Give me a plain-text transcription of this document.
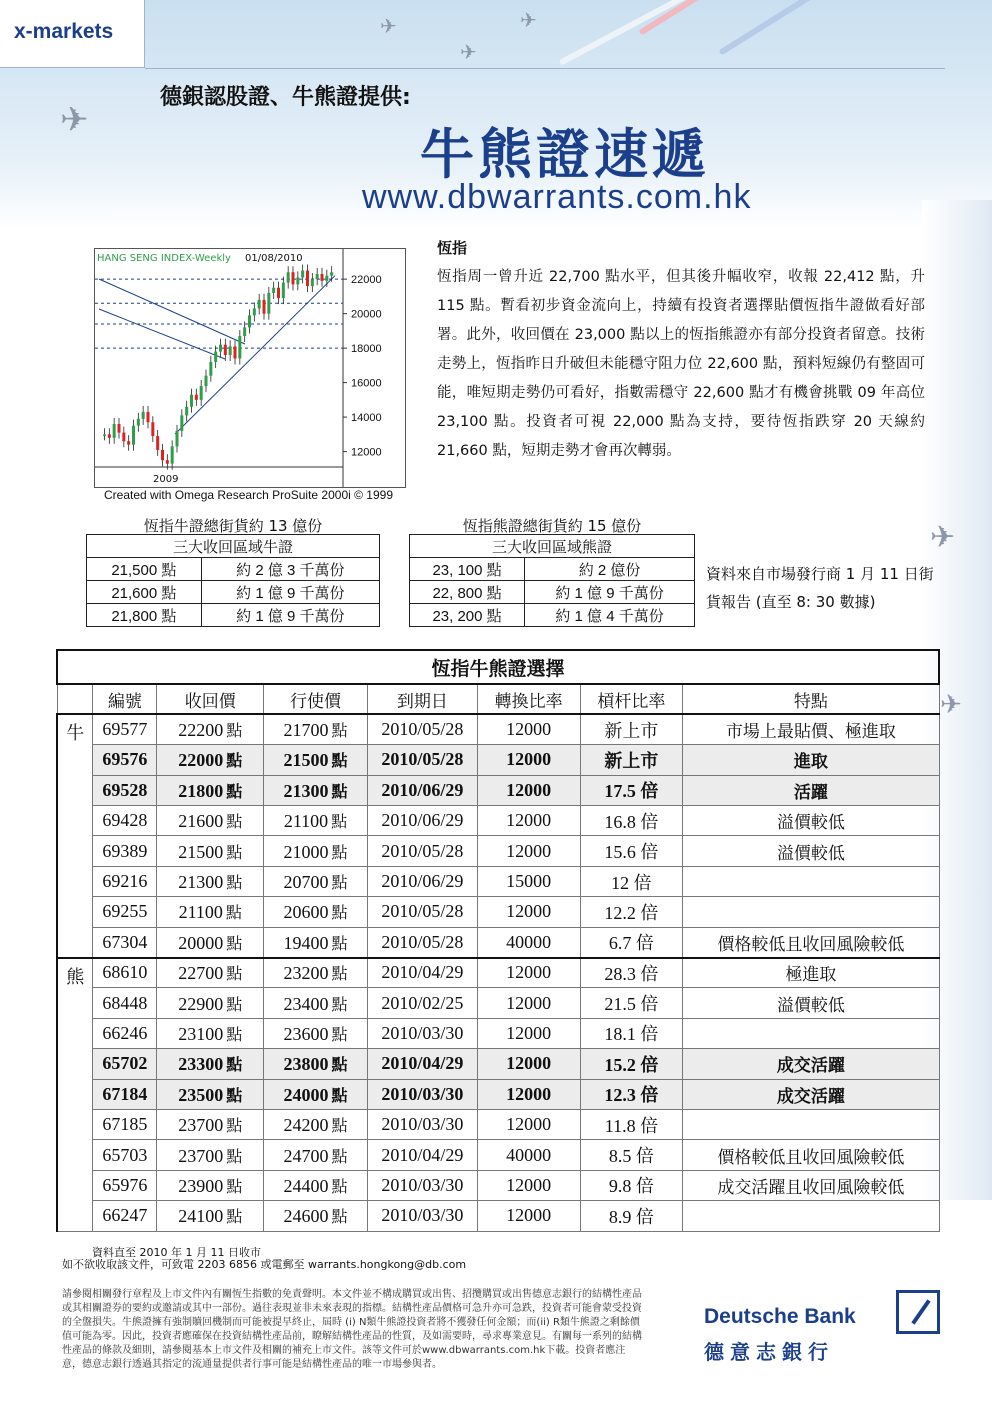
✈
✈
✈
✈
✈
✈
x-markets
德銀認股證、牛熊證提供:
牛熊證速遞
www.dbwarrants.com.hk
22000
20000
18000
16000
14000
12000
HANG SENG INDEX-Weekly 01/08/2010
2009
Created with Omega Research ProSuite 2000i © 1999
恆指
恆指周一曾升近 22,700 點水平，但其後升幅收窄，收報 22,412 點，升 115 點。暫看初步資金流向上，持續有投資者選擇貼價恆指牛證做看好部署。此外，收回價在 23,000 點以上的恆指熊證亦有部分投資者留意。技術走勢上，恆指昨日升破但未能穩守阻力位 22,600 點，預料短線仍有整固可能，唯短期走勢仍可看好，指數需穩守 22,600 點才有機會挑戰 09 年高位 23,100 點。投資者可視 22,000 點為支持，要待恆指跌穿 20 天線約 21,660 點，短期走勢才會再次轉弱。
恆指牛證總街貨約 13 億份
三大收回區域牛證	
21,500 點	約 2 億 3 千萬份
21,600 點	約 1 億 9 千萬份
21,800 點	約 1 億 9 千萬份
恆指熊證總街貨約 15 億份
三大收回區域熊證	
23, 100 點	約 2 億份
22, 800 點	約 1 億 9 千萬份
23, 200 點	約 1 億 4 千萬份
資料來自市場發行商 1 月 11 日街貨報告 (直至 8: 30 數據)
恆指牛熊證選擇							
	編號	收回價	行使價	到期日	轉換比率	槓杆比率	特點
牛	69577	22200 點	21700 點	2010/05/28	12000	新上市	市場上最貼價、極進取
	69576	22000 點	21500 點	2010/05/28	12000	新上市	進取
	69528	21800 點	21300 點	2010/06/29	12000	17.5 倍	活躍
	69428	21600 點	21100 點	2010/06/29	12000	16.8 倍	溢價較低
	69389	21500 點	21000 點	2010/05/28	12000	15.6 倍	溢價較低
	69216	21300 點	20700 點	2010/06/29	15000	12 倍	
	69255	21100 點	20600 點	2010/05/28	12000	12.2 倍	
	67304	20000 點	19400 點	2010/05/28	40000	6.7 倍	價格較低且收回風險較低
熊	68610	22700 點	23200 點	2010/04/29	12000	28.3 倍	極進取
	68448	22900 點	23400 點	2010/02/25	12000	21.5 倍	溢價較低
	66246	23100 點	23600 點	2010/03/30	12000	18.1 倍	
	65702	23300 點	23800 點	2010/04/29	12000	15.2 倍	成交活躍
	67184	23500 點	24000 點	2010/03/30	12000	12.3 倍	成交活躍
	67185	23700 點	24200 點	2010/03/30	12000	11.8 倍	
	65703	23700 點	24700 點	2010/04/29	40000	8.5 倍	價格較低且收回風險較低
	65976	23900 點	24400 點	2010/03/30	12000	9.8 倍	成交活躍且收回風險較低
	66247	24100 點	24600 點	2010/03/30	12000	8.9 倍	
資料直至 2010 年 1 月 11 日收市
如不欲收取該文件，可致電 2203 6856 或電郵至 warrants.hongkong@db.com
請參閱相關發行章程及上市文件內有關恆生指數的免責聲明。本文件並不構成購買或出售、招攬購買或出售德意志銀行的結構性產品或其相關證券的要約或邀請或其中一部份。過往表現並非未來表現的指標。結構性產品價格可急升亦可急跌，投資者可能會蒙受投資的全盤損失。牛熊證擁有強制贖回機制而可能被提早終止，屆時 (i) N類牛熊證投資者將不獲發任何金額；而(ii) R類牛熊證之剩餘價值可能為零。因此，投資者應確保在投資結構性產品前，瞭解結構性產品的性質，及如需要時，尋求專業意見。有關每一系列的結構性產品的條款及細則，請參閱基本上市文件及相關的補充上市文件。該等文件可於www.dbwarrants.com.hk下載。投資者應注意，德意志銀行透過其指定的流通量提供者行事可能是結構性產品的唯一市場參與者。
Deutsche Bank
德意志銀行
